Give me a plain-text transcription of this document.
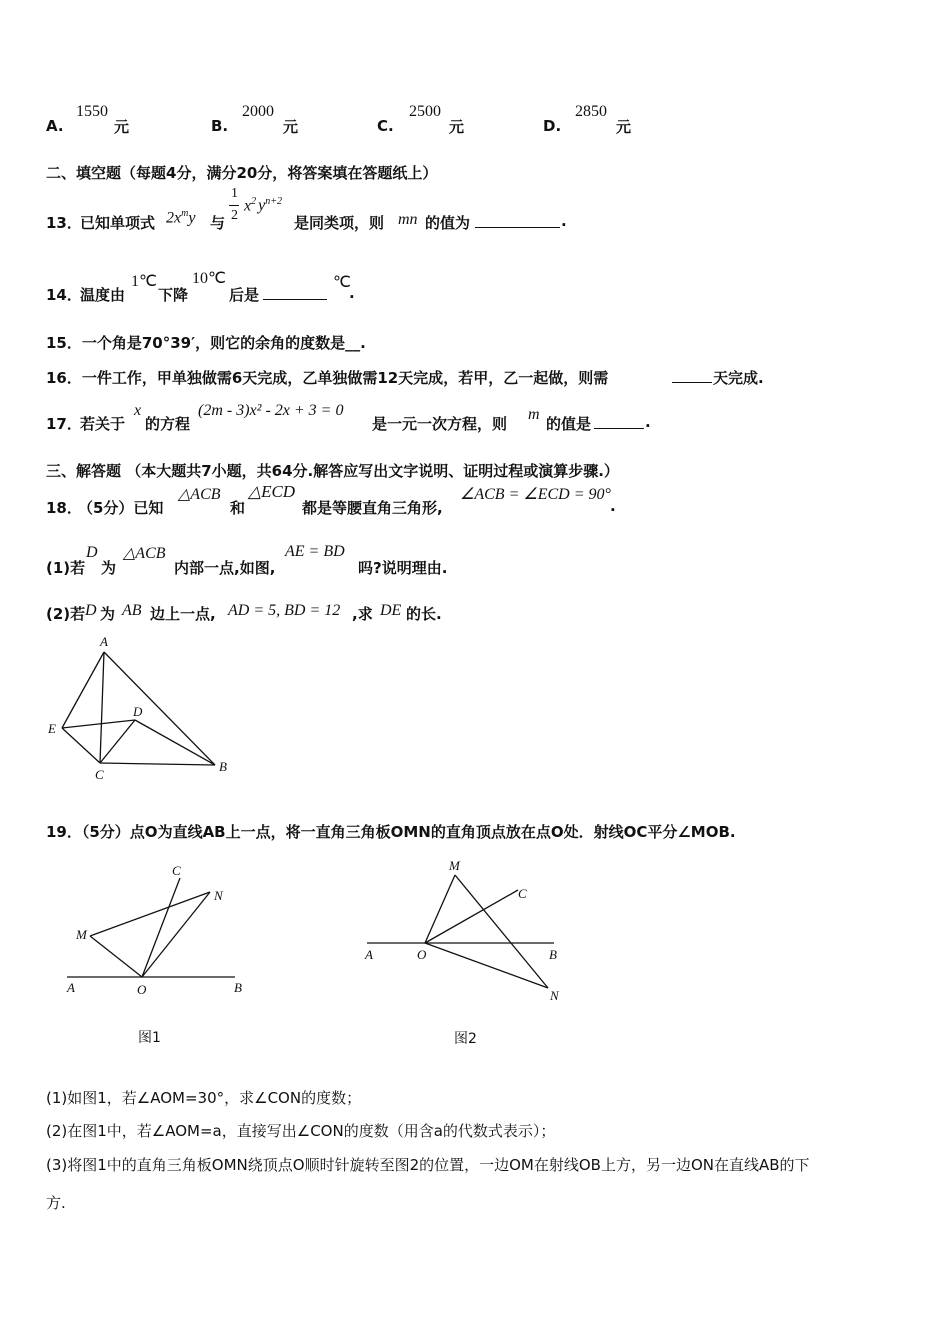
A.
1550
元	B.
2000
元	C.
2500
元	D.
2850
元
二、填空题（每题4分，满分20分，将答案填在答题纸上）
13．
已知单项式 $2x^my$ 与
1
2
$x^2$ $y^{n+2}$
是同类项，则 mn 的值为	.
14．
温度由
1℃
下降
10℃
后是
℃
.
15．一个角是70°39′，则它的余角的度数是__.
16．一件工作，甲单独做需6天完成，乙单独做需12天完成，若甲，乙一起做，则需	天完成.
17．
若关于
x
的方程
(2m - 3)x² - 2x + 3 = 0
是一元一次方程，则
m
的值是	.
三、解答题 （本大题共7小题，共64分.解答应写出文字说明、证明过程或演算步骤.）
18．
（5分）已知
△ACB
和
△ECD
都是等腰直角三角形,
∠ACB = ∠ECD = 90°
.
(1)若
D
为
△ACB
内部一点,如图,
AE = BD
吗?说明理由.
(2)若 D 为 AB 边上一点, AD = 5, BD = 12 ,求 DE 的长.
A
E
D
C
B
19．（5分）点O为直线AB上一点，将一直角三角板OMN的直角顶点放在点O处．射线OC平分∠MOB.
C
N
M
A	O	B
图1
M
C
A	O	B
N
图2
(1)如图1，若∠AOM=30°，求∠CON的度数；
(2)在图1中，若∠AOM=a，直接写出∠CON的度数（用含a的代数式表示）；
(3)将图1中的直角三角板OMN绕顶点O顺时针旋转至图2的位置，一边OM在射线OB上方，另一边ON在直线AB的下
方.
